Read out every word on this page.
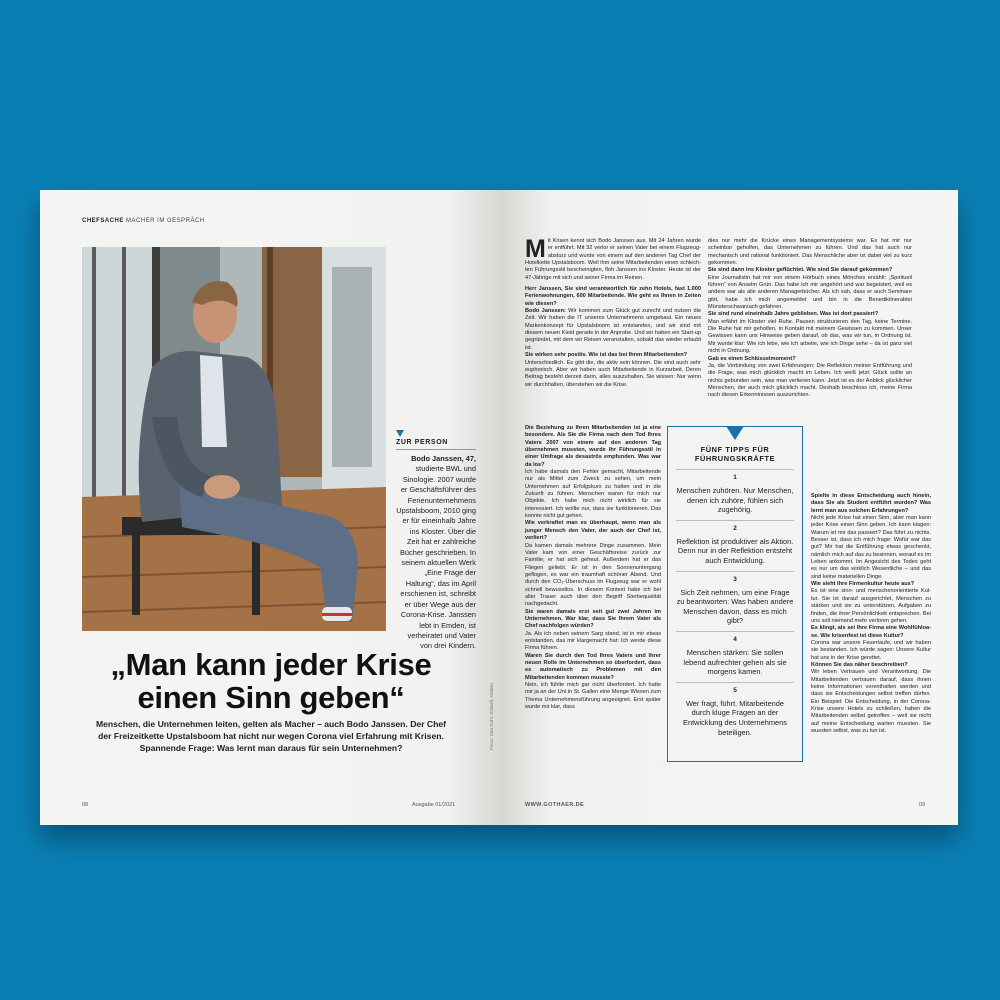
CHEFSACHE MACHER IM GESPRÄCH
ZUR PERSON
Bodo Janssen, 47, studierte BWL und Sinologie. 2007 wurde er Geschäftsführer des Ferienunternehmens Upstalsboom, 2010 ging er für eineinhalb Jahre ins Kloster. Über die Zeit hat er zahlreiche Bücher geschrieben. In seinem aktuellen Werk „Eine Frage der Haltung“, das im April erschienen ist, schreibt er über Wege aus der Corona-Krise. Janssen lebt in Emden, ist verheiratet und Vater von drei Kindern.
„Man kann jeder Krise
einen Sinn geben“
Menschen, die Unternehmen leiten, gelten als Macher – auch Bodo Janssen. Der Chef der Freizeitkette Upstalsboom hat nicht nur wegen Corona viel Erfahrung mit Krisen. Spannende Frage: Was lernt man daraus für sein Unternehmen?	Fotos: Dan Guhl, Schnell, Kirdem
08	Ausgabe 01/2021

Mit Krisen kennt sich Bodo Janssen aus. Mit 24 Jahren wurde er entführt. Mit 32 verlor er seinen Vater bei einem Flugzeugabsturz und wurde von einem auf den anderen Tag Chef der Hotelkette Upstalsboom. Weil ihm seine Mitarbeitenden einen schlechten Führungsstil bescheinigten, floh Janssen ins Kloster. Heute ist der 47-Jährige mit sich und seiner Firma im Reinen.

Herr Janssen, Sie sind verantwortlich für zehn Hotels, fast 1.000 Ferienwohnungen, 600 Mitarbeitende. Wie geht es Ihnen in Zeiten wie diesen?

Bodo Janssen: Wir kommen zum Glück gut zurecht und nutzen die Zeit. Wir haben die IT unseres Unternehmens umgebaut. Ein neues Markenkonzept für Upstalsboom ist entstanden, und wir sind mit diesem neuen Kleid gerade in der Anprobe. Und wir haben ein Start-up gegründet, mit dem wir Reisen veranstalten, sobald das wieder erlaubt ist.

Sie wirken sehr positiv. Wie ist das bei Ihren Mitarbeitenden?

Unterschiedlich. Es gibt die, die aktiv sein können. Die sind auch sehr euphorisch. Aber wir haben auch Mitarbeitende in Kurzarbeit. Deren Beitrag besteht derzeit darin, alles auszuhalten. Sie wissen: Nur wenn wir durchhalten, überstehen wir die Krise.

Die Beziehung zu Ihren Mitarbeitenden ist ja eine besondere. Als Sie die Firma nach dem Tod Ihres Vaters 2007 von einem auf den anderen Tag übernehmen mussten, wurde Ihr Führungsstil in einer Umfrage als desaströs empfunden. Was war da los?

Ich habe damals den Fehler gemacht, Mitarbeitende nur als Mittel zum Zweck zu sehen, um mein Unternehmen auf Erfolgskurs zu halten und in die Zukunft zu führen. Menschen waren für mich nur Objekte. Ich habe mich nicht wirklich für sie interessiert. Ich wollte nur, dass sie funktionieren. Das konnte nicht gut gehen.

Wie verkraftet man es überhaupt, wenn man als junger Mensch den Vater, der auch der Chef ist, verliert?

Da kamen damals mehrere Dinge zusammen. Mein Vater kam von einer Geschäftsreise zurück zur Familie; er hat sich gefreut. Außerdem hat er das Fliegen geliebt. Er ist in den Sonnenuntergang geflogen, es war ein traumhaft schöner Abend. Und durch den CO₂-Überschuss im Flugzeug war er wohl schnell bewusstlos. In diesem Kontext habe ich bei aller Trauer auch über den Begriff Sterbequalität nachgedacht.

Sie waren damals erst seit gut zwei Jahren im Unternehmen. War klar, dass Sie Ihrem Vater als Chef nachfolgen würden?

Ja. Als ich neben seinem Sarg stand, ist in mir etwas entstanden, das mir klargemacht hat: Ich werde diese Firma führen.

Waren Sie durch den Tod Ihres Vaters und Ihrer neuen Rolle im Unternehmen so überfordert, dass es automatisch zu Problemen mit den Mitarbeitenden kommen musste?

Nein, ich fühlte mich gar nicht überfordert. Ich hatte mir ja an der Uni in St. Gallen eine Menge Wissen zum Thema Unternehmensführung angeeignet. Erst später wurde mir klar, dass

dies nur mehr die Krücke eines Managementsystems war. Es hat mir nur scheinbar geholfen, das Unternehmen zu führen. Und das hat auch nur mechanisch und rational funktioniert. Das Menschliche aber ist dabei viel zu kurz gekommen.

Sie sind dann ins Kloster geflüchtet. Wie sind Sie darauf gekommen?

Eine Journalistin hat mir von einem Hörbuch eines Mönches erzählt: „Spiritueil führen“ von Anselm Grün. Das habe ich mir angehört und war begeistert, weil es anders war als alle anderen Managerbücher. Als ich sah, dass er auch Seminare gibt, habe ich mich angemeldet und bin in die Benediktinerabtei Münsterschwarzach gefahren.

Sie sind rund eineinhalb Jahre geblieben. Was ist dort passiert?

Man erfährt im Kloster viel Ruhe. Pausen strukturieren den Tag, keine Termine. Die Ruhe hat mir geholfen, in Kontakt mit meinem Gewissen zu kommen. Unser Gewissen kann uns Hinweise geben darauf, ob das, was wir tun, in Ordnung ist. Mir wurde klar: Wie ich lebe, wie ich arbeite, wie ich Dinge sehe – da ist ganz viel nicht in Ordnung.

Gab es einen Schlüsselmoment?

Ja, die Verbindung von zwei Erfahrungen: Die Reflektion meiner Entführung und die Frage, was mich glücklich macht im Leben. Ich weiß jetzt: Glück sollte an nichts gebunden sein, was man verlieren kann. Jetzt ist es der Anblick glücklicher Menschen, der auch mich glücklich macht. Deshalb beschloss ich, meine Firma nach diesen Erkenntnissen auszurichten.

Spielte in diese Entscheidung auch hinein, dass Sie als Student entführt wurden? Was lernt man aus solchen Erfahrungen?

Nicht jede Krise hat einen Sinn, aber man kann jeder Krise einen Sinn geben. Ich kann klagen: Warum ist mir das passiert? Das führt zu nichts. Besser ist, dass ich mich frage: Wofür war das gut? Mir hat die Entführung etwas geschenkt, nämlich mich auf das zu besinnen, worauf es im Leben ankommt. Im Angesicht des Todes geht es nur um das wirklich Wesentliche – und das sind keine materiellen Dinge.

Wie sieht Ihre Firmenkultur heute aus?

Es ist eine sinn- und menschenorientierte Kultur. Sie ist darauf ausgerichtet, Menschen zu stärken und sie zu unterstützen, Aufgaben zu finden, die ihrer Persönlichkeit entsprechen. Bei uns soll niemand mehr verloren gehen.

Es klingt, als sei Ihre Firma eine Wohlfühloase. Wie krisenfest ist diese Kultur?

Corona war unsere Feuertaufe, und wir haben sie bestanden. Ich würde sagen: Unsere Kultur hat uns in der Krise gerettet.

Können Sie das näher beschreiben?

Wir leben Vertrauen und Verantwortung. Die Mitarbeitenden vertrauen darauf, dass ihnen keine Informationen vorenthalten werden und dass sie Entscheidungen selbst treffen dürfen. Ein Beispiel: Die Entscheidung, in der Corona-Krise unsere Hotels zu schließen, haben die Mitarbeitenden selbst getroffen – weil sie nicht auf meine Entscheidung warten mussten. Sie wussten selbst, was zu tun ist.

FÜNF TIPPS FÜR
FÜHRUNGSKRÄFTE
1
Menschen zuhören. Nur Menschen, denen ich zuhöre, fühlen sich zugehörig.
2
Reflektion ist produktiver als Aktion. Denn nur in der Reflektion entsteht auch Entwicklung.
3
Sich Zeit nehmen, um eine Frage zu beantworten: Was haben andere Menschen davon, dass es mich gibt?
4
Menschen stärken: Sie sollen lebend aufrechter gehen als sie morgens kamen.
5
Wer fragt, führt. Mitarbeitende durch kluge Fragen an der Entwicklung des Unternehmens beteiligen.
WWW.GOTHAER.DE	09
